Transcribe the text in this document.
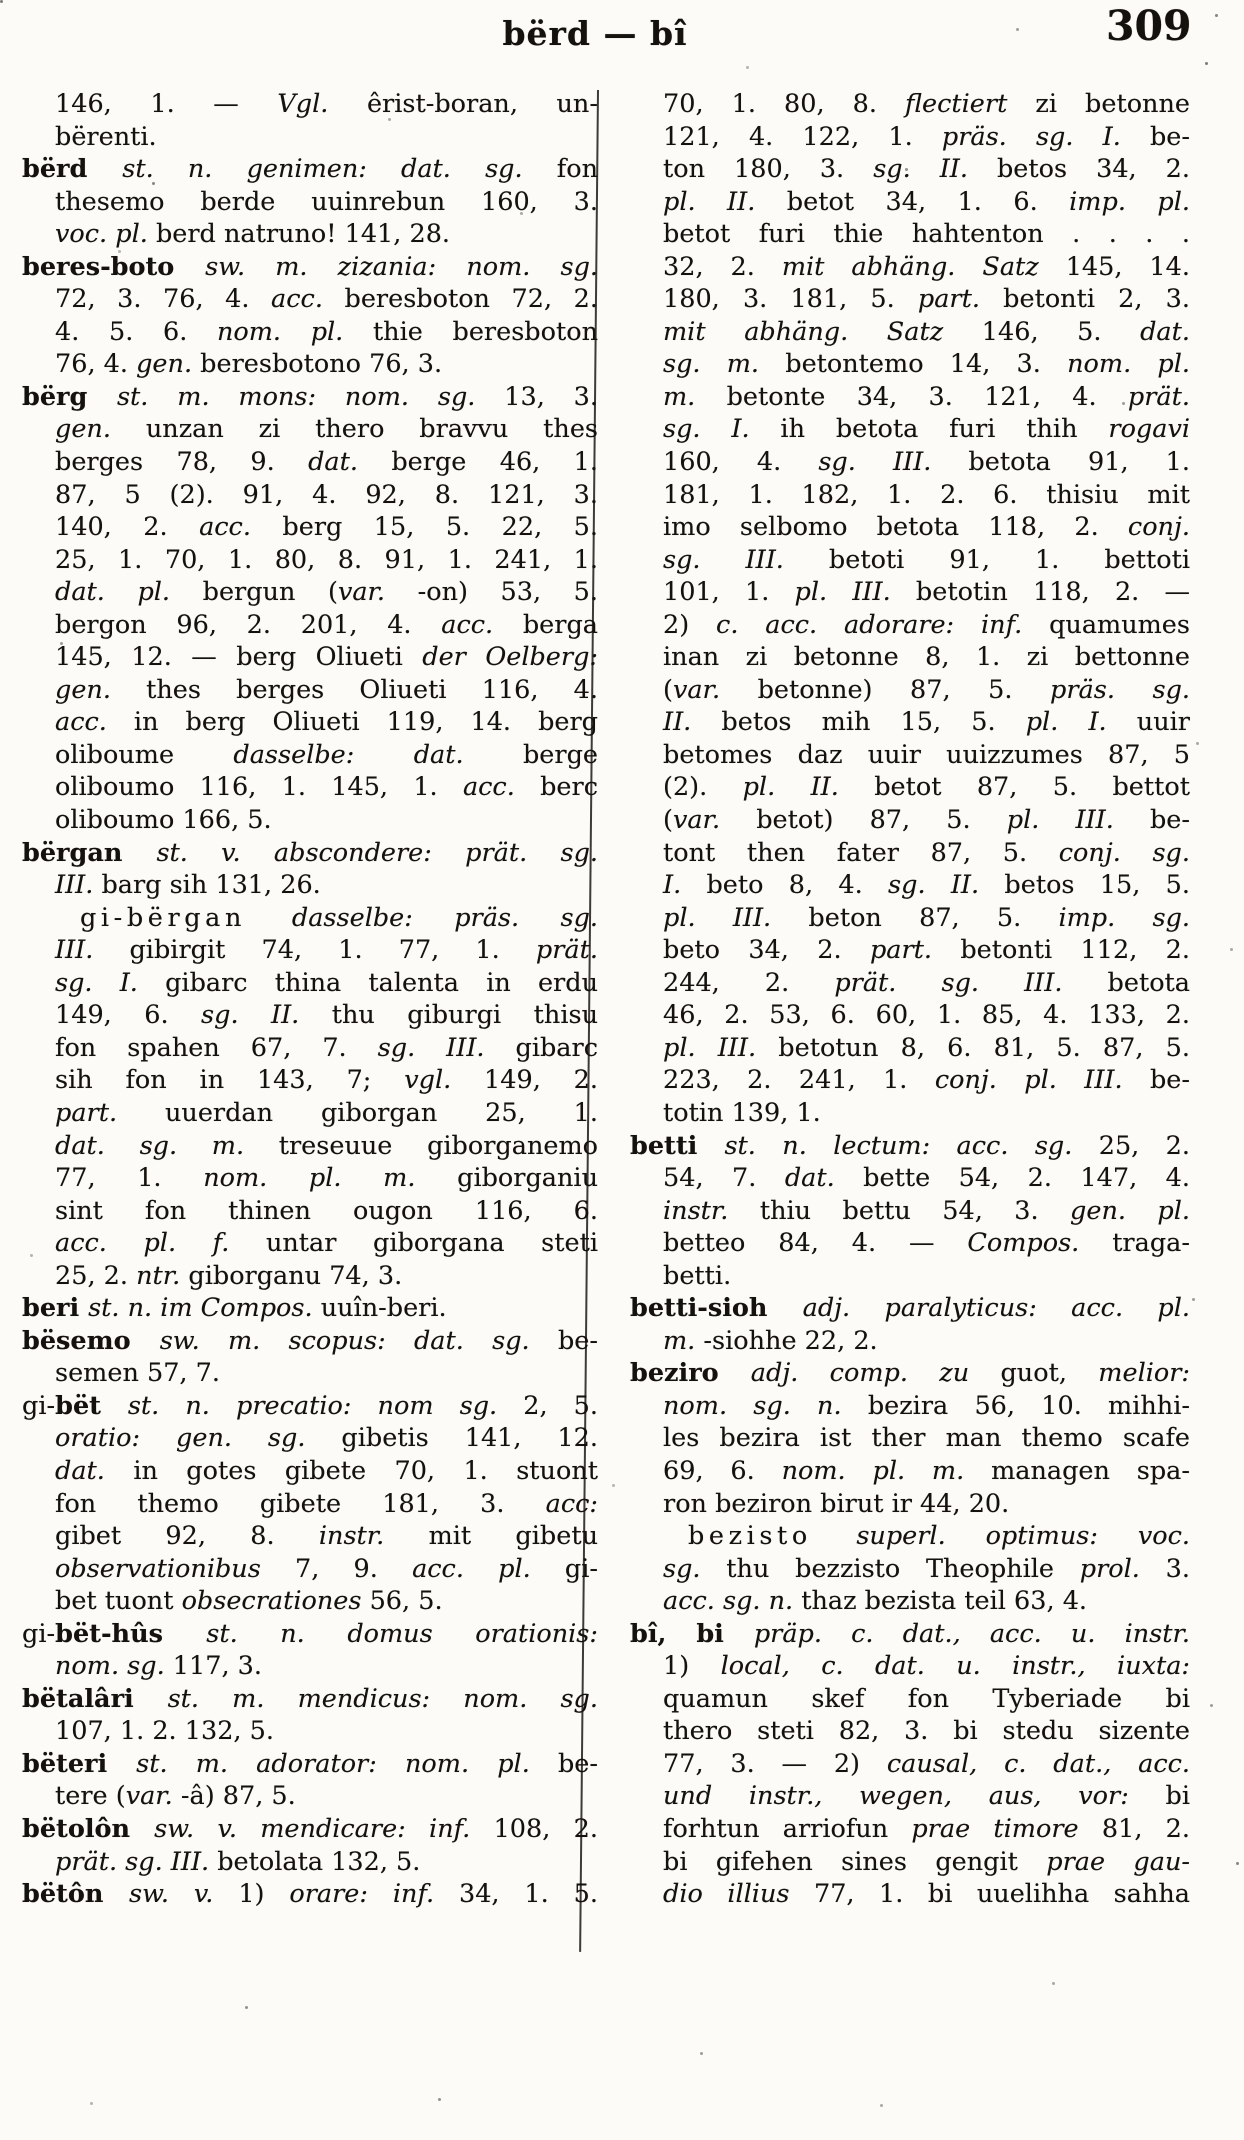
bërd — bî	309
146, 1. — Vgl. êrist-boran, un-
bërenti.
bërd st. n. genimen: dat. sg. fon
thesemo berde uuinrebun 160, 3.
voc. pl. berd natruno! 141, 28.
beres-boto sw. m. zizania: nom. sg.
72, 3. 76, 4. acc. beresboton 72, 2.
4. 5. 6. nom. pl. thie beresboton
76, 4. gen. beresbotono 76, 3.
bërg st. m. mons: nom. sg. 13, 3.
gen. unzan zi thero bravvu thes
berges 78, 9. dat. berge 46, 1.
87, 5 (2). 91, 4. 92, 8. 121, 3.
140, 2. acc. berg 15, 5. 22, 5.
25, 1. 70, 1. 80, 8. 91, 1. 241, 1.
dat. pl. bergun (var. -on) 53, 5.
bergon 96, 2. 201, 4. acc. berga
145, 12. — berg Oliueti der Oelberg:
gen. thes berges Oliueti 116, 4.
acc. in berg Oliueti 119, 14. berg
oliboume dasselbe: dat. berge
oliboumo 116, 1. 145, 1. acc. berc
oliboumo 166, 5.
bërgan st. v. abscondere: prät. sg.
III. barg sih 131, 26.
gi-bërgan dasselbe: präs. sg.
III. gibirgit 74, 1. 77, 1. prät.
sg. I. gibarc thina talenta in erdu
149, 6. sg. II. thu giburgi thisu
fon spahen 67, 7. sg. III. gibarc
sih fon in 143, 7; vgl. 149, 2.
part. uuerdan giborgan 25, 1.
dat. sg. m. treseuue giborganemo
77, 1. nom. pl. m. giborganiu
sint fon thinen ougon 116, 6.
acc. pl. f. untar giborgana steti
25, 2. ntr. giborganu 74, 3.
beri st. n. im Compos. uuîn-beri.
bësemo sw. m. scopus: dat. sg. be-
semen 57, 7.
gi-bët st. n. precatio: nom sg. 2, 5.
oratio: gen. sg. gibetis 141, 12.
dat. in gotes gibete 70, 1. stuont
fon themo gibete 181, 3. acc:
gibet 92, 8. instr. mit gibetu
observationibus 7, 9. acc. pl. gi-
bet tuont obsecrationes 56, 5.
gi-bët-hûs st. n. domus orationis:
nom. sg. 117, 3.
bëtalâri st. m. mendicus: nom. sg.
107, 1. 2. 132, 5.
bëteri st. m. adorator: nom. pl. be-
tere (var. -â) 87, 5.
bëtolôn sw. v. mendicare: inf. 108, 2.
prät. sg. III. betolata 132, 5.
bëtôn sw. v. 1) orare: inf. 34, 1. 5.
70, 1. 80, 8. flectiert zi betonne
121, 4. 122, 1. präs. sg. I. be-
ton 180, 3. sg. II. betos 34, 2.
pl. II. betot 34, 1. 6. imp. pl.
betot furi thie hahtenton . . . .
32, 2. mit abhäng. Satz 145, 14.
180, 3. 181, 5. part. betonti 2, 3.
mit abhäng. Satz 146, 5. dat.
sg. m. betontemo 14, 3. nom. pl.
m. betonte 34, 3. 121, 4. prät.
sg. I. ih betota furi thih rogavi
160, 4. sg. III. betota 91, 1.
181, 1. 182, 1. 2. 6. thisiu mit
imo selbomo betota 118, 2. conj.
sg. III. betoti 91, 1. bettoti
101, 1. pl. III. betotin 118, 2. —
2) c. acc. adorare: inf. quamumes
inan zi betonne 8, 1. zi bettonne
(var. betonne) 87, 5. präs. sg.
II. betos mih 15, 5. pl. I. uuir
betomes daz uuir uuizzumes 87, 5
(2). pl. II. betot 87, 5. bettot
(var. betot) 87, 5. pl. III. be-
tont then fater 87, 5. conj. sg.
I. beto 8, 4. sg. II. betos 15, 5.
pl. III. beton 87, 5. imp. sg.
beto 34, 2. part. betonti 112, 2.
244, 2. prät. sg. III. betota
46, 2. 53, 6. 60, 1. 85, 4. 133, 2.
pl. III. betotun 8, 6. 81, 5. 87, 5.
223, 2. 241, 1. conj. pl. III. be-
totin 139, 1.
betti st. n. lectum: acc. sg. 25, 2.
54, 7. dat. bette 54, 2. 147, 4.
instr. thiu bettu 54, 3. gen. pl.
betteo 84, 4. — Compos. traga-
betti.
betti-sioh adj. paralyticus: acc. pl.
m. -siohhe 22, 2.
beziro adj. comp. zu guot, melior:
nom. sg. n. bezira 56, 10. mihhi-
les bezira ist ther man themo scafe
69, 6. nom. pl. m. managen spa-
ron beziron birut ir 44, 20.
bezisto superl. optimus: voc.
sg. thu bezzisto Theophile prol. 3.
acc. sg. n. thaz bezista teil 63, 4.
bî, bi präp. c. dat., acc. u. instr.
1) local, c. dat. u. instr., iuxta:
quamun skef fon Tyberiade bi
thero steti 82, 3. bi stedu sizente
77, 3. — 2) causal, c. dat., acc.
und instr., wegen, aus, vor: bi
forhtun arriofun prae timore 81, 2.
bi gifehen sines gengit prae gau-
dio illius 77, 1. bi uuelihha sahha
